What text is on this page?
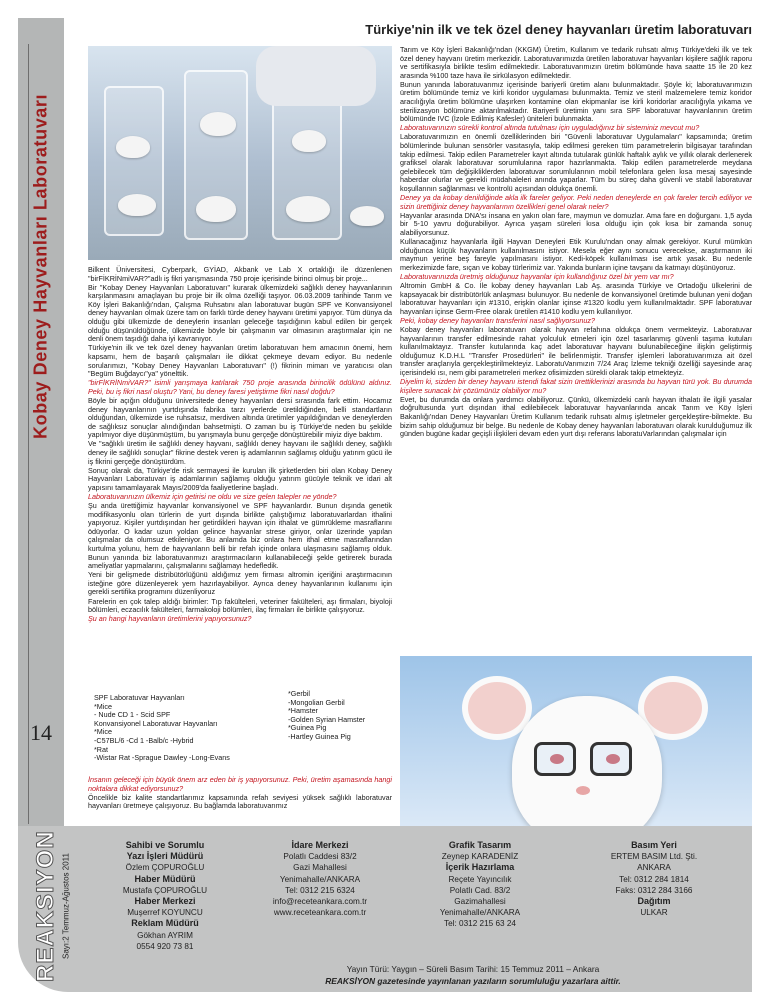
Kobay Deney Hayvanları Laboratuvarı
14
Türkiye'nin ilk ve tek özel deney hayvanları üretim laboratuvarı

Bilkent Üniversitesi, Cyberpark, GYİAD, Akbank ve Lab X ortaklığı ile düzenlenen "birFİKRİNmiVAR?"adlı iş fikri yarışmasında 750 proje içerisinde birinci olmuş bir proje...

Bir "Kobay Deney Hayvanları Laboratuvarı" kurarak ülkemizdeki sağlıklı deney hayvanlarının karşılanmasını amaçlayan bu proje bir ilk olma özelliği taşıyor. 06.03.2009 tarihinde Tarım ve Köy İşleri Bakanlığı'ndan, Çalışma Ruhsatını alan laboratuvar bugün SPF ve Konvansiyonel deney hayvanları olmak üzere tam on farklı türde deney hayvanı üretimi yapıyor. Tüm dünya da olduğu gibi ülkemizde de deneylerin insanları geleceğe taşıdığının kabul edilen bir gerçek olduğu düşünüldüğünde, ülkemizde böyle bir çalışmanın var olmasının araştırmalar için ne denli önem taşıdığı daha iyi kavranıyor.

Türkiye'nin ilk ve tek özel deney hayvanları üretim laboratuvarı hem amacının önemi, hem kapsamı, hem de başarılı çalışmaları ile dikkat çekmeye devam ediyor. Bu nedenle sorularımızı, "Kobay Deney Hayvanları Laboratuvarı" (!) fikrinin mimarı ve yaratıcısı olan "Begüm Buğdaycı"ya" yönelttik.

"birFİKRİNmiVAR?" isimli yarışmaya katılarak 750 proje arasında birincilik ödülünü aldınız. Peki, bu iş fikri nasıl oluştu? Yani, bu deney faresi yetiştirme fikri nasıl doğdu?

Böyle bir açığın olduğunu üniversitede deney hayvanları dersi sırasında fark ettim. Hocamız deney hayvanlarının yurtdışında fabrika tarzı yerlerde üretildiğinden, belli standartların olduğundan, ülkemizde ise ruhsatsız, merdiven altında üretimler yapıldığından ve deneylerden de sağlıksız sonuçlar alındığından bahsetmişti. O zaman bu iş Türkiye'de neden bu şekilde yapılmıyor diye düşünmüştüm, bu yarışmayla bunu gerçeğe dönüştürebilir miyiz diye baktım.

Ve "sağlıklı üretim ile sağlıklı deney hayvanı, sağlıklı deney hayvanı ile sağlıklı deney, sağlıklı deney ile sağlıklı sonuçlar" fikrine destek veren iş adamlarının sağlamış olduğu yatırım gücü ile iş fikrini gerçeğe dönüştürdüm.

Sonuç olarak da, Türkiye'de risk sermayesi ile kurulan ilk şirketlerden biri olan Kobay Deney Hayvanları Laboratuvarı iş adamlarının sağlamış olduğu yatırım gücüyle teknik ve idari alt yapısını tamamlayarak Mayıs/2009'da faaliyetlerine başladı.

Laboratuvarınızın ülkemiz için getirisi ne oldu ve size gelen talepler ne yönde?

Şu anda ürettiğimiz hayvanlar konvansiyonel ve SPF hayvanlardır. Bunun dışında genetik modifikasyonlu olan türlerin de yurt dışında birlikte çalıştığımız laboratuvarlardan ithalini yapıyoruz. Kişiler yurtdışından her getirdikleri hayvan için ithalat ve gümrükleme masraflarını ödüyorlar. O kadar uzun yoldan gelince hayvanlar strese giriyor, onlar üzerinde yapılan çalışmalar da olumsuz etkileniyor. Bu anlamda biz onlara hem ithal etme masraflarından kurtulma yolunu, hem de hayvanların belli bir refah içinde onlara ulaşmasını sağlamış olduk. Bunun yanında biz laboratuvarımızı araştırmacıların kullanabileceği şekle getirerek burada ameliyatlar yapmalarını, çalışmalarını sağlamayı hedefledik.

Yeni bir gelişmede distribütörlüğünü aldığımız yem firması altromin içeriğini araştırmacının isteğine göre düzenleyerek yem hazırlayabiliyor. Ayrıca deney hayvanlarının kullanımı için gerekli sertifika programını düzenliyoruz

Farelerin en çok talep aldığı birimler: Tıp fakülteleri, veteriner fakülteleri, aşı firmaları, biyoloji bölümleri, eczacılık fakülteleri, farmakoloji bölümleri, ilaç firmaları ile birlikte çalışıyoruz.

Şu an hangi hayvanların üretimlerini yapıyorsunuz?

SPF Laboratuvar Hayvanları
*Mice
- Nude CD 1 - Scid SPF
Konvansiyonel Laboratuvar Hayvanları
*Mice
-C57BL/6 -Cd 1 -Balb/c -Hybrid
*Rat
-Wistar Rat -Sprague Dawley -Long-Evans
*Gerbil
-Mongolian Gerbil
*Hamster
-Golden Syrian Hamster
*Guinea Pig
-Hartley Guinea Pig

İnsanın geleceği için büyük önem arz eden bir iş yapıyorsunuz. Peki, üretim aşamasında hangi noktalara dikkat ediyorsunuz?

Öncelikle biz kalite standartlarımız kapsamında refah seviyesi yüksek sağlıklı laboratuvar hayvanları üretmeye çalışıyoruz. Bu bağlamda laboratuvarımız

Tarım ve Köy İşleri Bakanlığı'ndan (KKGM) Üretim, Kullanım ve tedarik ruhsatı almış Türkiye'deki ilk ve tek özel deney hayvanı üretim merkezidir. Laboratuvarımızda üretilen laboratuvar hayvanları kişilere sağlık raporu ve sertifikasıyla birlikte teslim edilmektedir. Laboratuvarımızın üretim bölümünde hava saatte 15 ile 20 kez arasında %100 taze hava ile sirkülasyon edilmektedir.

Bunun yanında laboratuvarımız içerisinde bariyerli üretim alanı bulunmaktadır. Şöyle ki; laboratuvarımızın üretim bölümünde temiz ve kirli koridor uygulaması bulunmakta. Temiz ve steril malzemelere temiz koridor aracılığıyla üretim bölümüne ulaşırken kontamine olan ekipmanlar ise kirli koridorlar aracılığıyla yıkama ve sterilizasyon bölümüne aktarılmaktadır. Bariyerli üretimin yanı sıra SPF laboratuvar hayvanlarının üretim bölümünde IVC (İzole Edilmiş Kafesler) üniteleri bulunmakta.

Laboratuvarınızın sürekli kontrol altında tutulması için uyguladığınız bir sisteminiz mevcut mu?

Laboratuvarımızın en önemli özelliklerinden biri "Güvenli laboratuvar Uygulamaları" kapsamında; üretim bölümlerinde bulunan sensörler vasıtasıyla, takip edilmesi gereken tüm parametrelerin bilgisayar tarafından takip edilmesi. Takip edilen Parametreler kayıt altında tutularak günlük haftalık aylık ve yıllık olarak derlenerek grafiksel olarak laboratuvar sorumlularına rapor hazırlanmakta. Takip edilen parametrelerde meydana gelebilecek tüm değişikliklerden laboratuvar sorumlularının mobil telefonlara gelen kısa mesaj sayesinde haberdar olurlar ve gerekli müdahaleleri anında yaparlar. Tüm bu süreç daha güvenli ve stabil laboratuvar koşullarının sağlanması ve kontrolü açısından oldukça önemli.

Deney ya da kobay denildiğinde akla ilk fareler geliyor. Peki neden deneylerde en çok fareler tercih ediliyor ve sizin ürettiğiniz deney hayvanlarının özellikleri genel olarak neler?

Hayvanlar arasında DNA'sı insana en yakın olan fare, maymun ve domuzlar. Ama fare en doğurganı. 1,5 ayda bir 5-10 yavru doğurabiliyor. Ayrıca yaşam süreleri kısa olduğu için çok kısa bir zamanda sonuç alabiliyorsunuz.

Kullanacağınız hayvanlarla ilgili Hayvan Deneyleri Etik Kurulu'ndan onay almak gerekiyor. Kurul mümkün olduğunca küçük hayvanların kullanılmasını istiyor. Mesela eğer aynı sonucu verecekse, araştırmanın iki maymun yerine beş fareyle yapılmasını istiyor. Kedi-köpek kullanılması ise artık yasak. Bu nedenle merkezimizde fare, sıçan ve kobay türlerimiz var. Yakında bunların içine tavşanı da katmayı düşünüyoruz.

Laboratuvarınızda üretmiş olduğunuz hayvanlar için kullandığınız özel bir yem var mı?

Altromin GmbH & Co. İle kobay deney hayvanları Lab Aş. arasında Türkiye ve Ortadoğu ülkelerini de kapsayacak bir distribütörlük anlaşması bulunuyor. Bu nedenle de konvansiyonel üretimde bulunan yeni doğan laboratuvar hayvanları için #1310, erişkin olanlar içinse #1320 kodlu yem kullanılmaktadır. SPF laboratuvar hayvanları içinse Germ-Free olarak üretilen #1410 kodlu yem kullanılıyor.

Peki, kobay deney hayvanları transferini nasıl sağlıyorsunuz?

Kobay deney hayvanları laboratuvarı olarak hayvan refahına oldukça önem vermekteyiz. Laboratuvar hayvanlarının transfer edilmesinde rahat yolculuk etmeleri için özel tasarlanmış güvenli taşıma kutuları kullanılmaktayız. Transfer kutularında kaç adet laboratuvar hayvanı bulunabileceğine ilişkin geliştirmiş olduğumuz K.D.H.L "Transfer Prosedürleri" ile belirlenmiştir. Transfer işlemleri laboratuvarımıza ait özel transfer araçlarıyla gerçekleştirilmekteyiz. LaboratuVarımızın 7/24 Araç İzleme tekniği özelliği sayesinde araç içerisindeki ısı, nem gibi parametreleri merkez ofisimizden sürekli olarak takip etmekteyiz.

Diyelim ki, sizden bir deney hayvanı istendi fakat sizin ürettiklerinizi arasında bu hayvan türü yok. Bu durumda kişilere sunacak bir çözümünüz olabiliyor mu?

Evet, bu durumda da onlara yardımcı olabiliyoruz. Çünkü, ülkemizdeki canlı hayvan ithalatı ile ilgili yasalar doğrultusunda yurt dışından ithal edilebilecek laboratuvar hayvanlarında ancak Tarım ve Köy İşleri Bakanlığı'ndan Deney Hayvanları Üretim Kullanım tedarik ruhsatı almış işletmeler gerçekleştire-bilmekte. Bu bizim sahip olduğumuz bir belge. Bu nedenle de Kobay deney hayvanları laboratuvarı olarak kurulduğumuz ilk günden bugüne kadar geçişli ilişkileri devam eden yurt dışı referans laboratuVarlarından çalışmalar için

REAKSIYON Sayı:2 Temmuz-Ağustos 2011
Sahibi ve Sorumlu
Yazı İşleri Müdürü
Özlem ÇOPUROĞLU
Haber Müdürü
Mustafa ÇOPUROĞLU
Haber Merkezi
Muşerref KOYUNCU
Reklam Müdürü
Gökhan AYRIM
0554 920 73 81
İdare Merkezi
Polatlı Caddesi 83/2
Gazi Mahallesi
Yenimahalle/ANKARA
Tel: 0312 215 6324
info@receteankara.com.tr
www.receteankara.com.tr
Grafik Tasarım
Zeynep KARADENİZ
İçerik Hazırlama
Reçete Yayıncılık
Polatlı Cad. 83/2
Gazimahallesi
Yenimahalle/ANKARA
Tel: 0312 215 63 24
Basım Yeri
ERTEM BASIM Ltd. Şti.
ANKARA
Tel: 0312 284 1814
Faks: 0312 284 3166
Dağıtım
ULKAR
Yayın Türü: Yaygın – Süreli Basım Tarihi: 15 Temmuz 2011 – Ankara
REAKSİYON gazetesinde yayınlanan yazıların sorumluluğu yazarlara aittir.
